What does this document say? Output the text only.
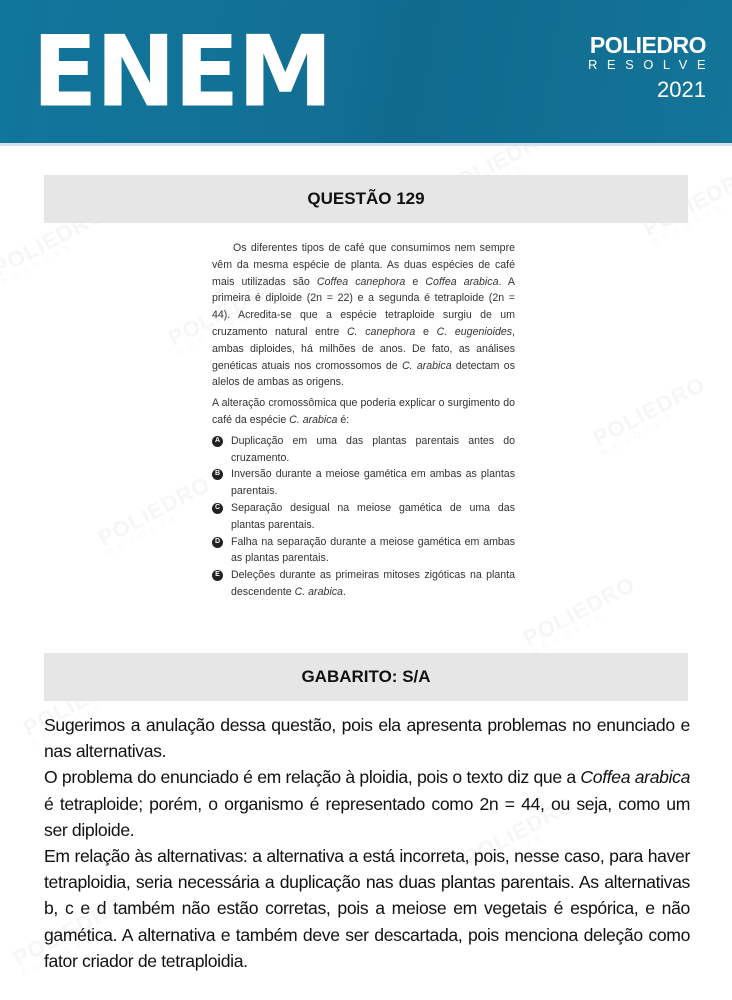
ENEM	POLIEDRO
RESOLVE
2021
QUESTÃO 129

Os diferentes tipos de café que consumimos nem sempre vêm da mesma espécie de planta. As duas espécies de café mais utilizadas são Coffea canephora e Coffea arabica. A primeira é diploide (2n = 22) e a segunda é tetraploide (2n = 44). Acredita-se que a espécie tetraploide surgiu de um cruzamento natural entre C. canephora e C. eugenioides, ambas diploides, há milhões de anos. De fato, as análises genéticas atuais nos cromossomos de C. arabica detectam os alelos de ambas as origens.

A alteração cromossômica que poderia explicar o surgimento do café da espécie C. arabica é:

A Duplicação em uma das plantas parentais antes do cruzamento.
B Inversão durante a meiose gamética em ambas as plantas parentais.
C Separação desigual na meiose gamética de uma das plantas parentais.
D Falha na separação durante a meiose gamética em ambas as plantas parentais.
E Deleções durante as primeiras mitoses zigóticas na planta descendente C. arabica.
GABARITO: S/A

Sugerimos a anulação dessa questão, pois ela apresenta problemas no enunciado e nas alternativas.

O problema do enunciado é em relação à ploidia, pois o texto diz que a Coffea arabica é tetraploide; porém, o organismo é representado como 2n = 44, ou seja, como um ser diploide.

Em relação às alternativas: a alternativa a está incorreta, pois, nesse caso, para haver tetraploidia, seria necessária a duplicação nas duas plantas parentais. As alternativas b, c e d também não estão corretas, pois a meiose em vegetais é espórica, e não gamética. A alternativa e também deve ser descartada, pois menciona deleção como fator criador de tetraploidia.
